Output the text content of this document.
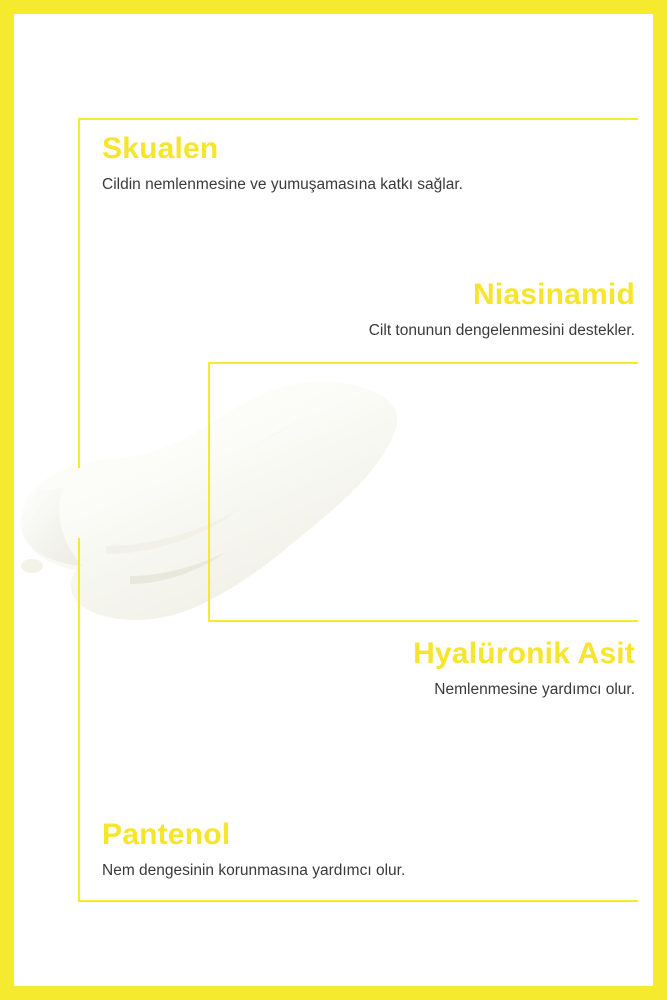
Skualen

Cildin nemlenmesine ve yumuşamasına katkı sağlar.

Niasinamid

Cilt tonunun dengelenmesini destekler.

Hyalüronik Asit

Nemlenmesine yardımcı olur.

Pantenol

Nem dengesinin korunmasına yardımcı olur.
